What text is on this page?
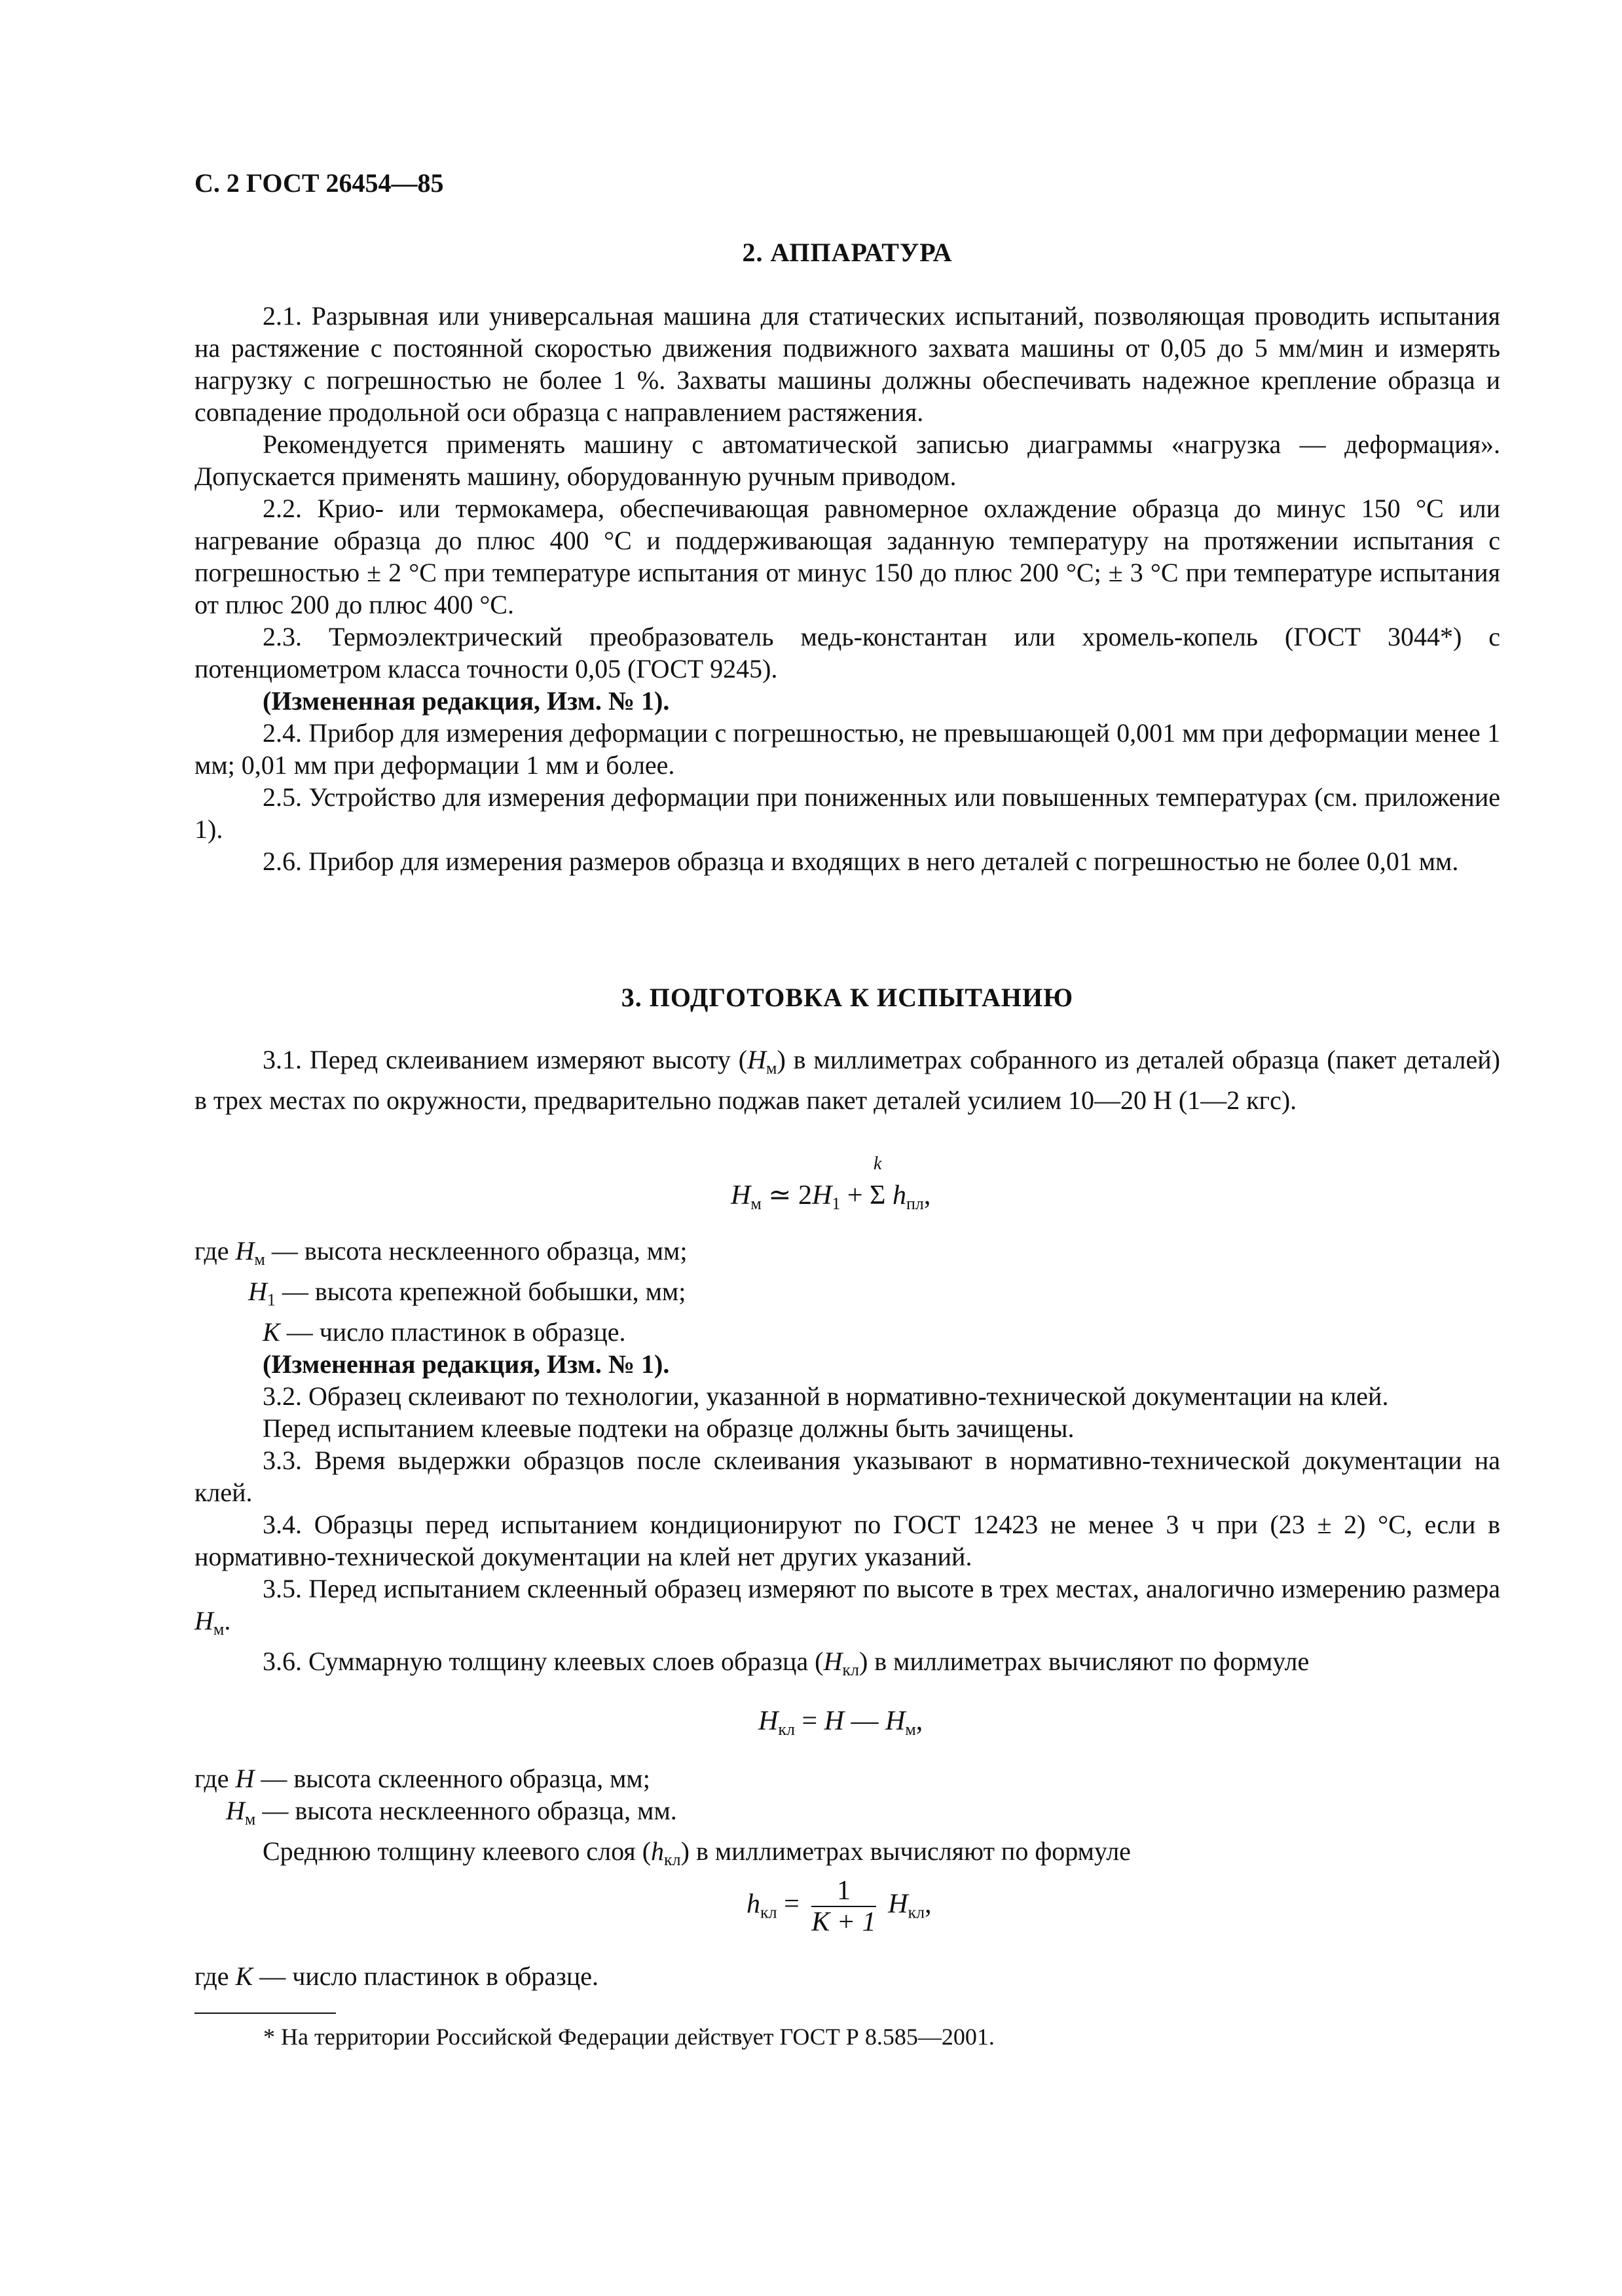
С. 2 ГОСТ 26454—85
2. АППАРАТУРА

2.1. Разрывная или универсальная машина для статических испытаний, позволяющая проводить испытания на растяжение с постоянной скоростью движения подвижного захвата машины от 0,05 до 5 мм/мин и измерять нагрузку с погрешностью не более 1 %. Захваты машины должны обеспечивать надежное крепление образца и совпадение продольной оси образца с направлением растяжения.

Рекомендуется применять машину с автоматической записью диаграммы «нагрузка — деформация». Допускается применять машину, оборудованную ручным приводом.

2.2. Крио- или термокамера, обеспечивающая равномерное охлаждение образца до минус 150 °С или нагревание образца до плюс 400 °С и поддерживающая заданную температуру на протяжении испытания с погрешностью ± 2 °С при температуре испытания от минус 150 до плюс 200 °С; ± 3 °С при температуре испытания от плюс 200 до плюс 400 °С.

2.3. Термоэлектрический преобразователь медь-константан или хромель-копель (ГОСТ 3044*) с потенциометром класса точности 0,05 (ГОСТ 9245).

(Измененная редакция, Изм. № 1).

2.4. Прибор для измерения деформации с погрешностью, не превышающей 0,001 мм при деформации менее 1 мм; 0,01 мм при деформации 1 мм и более.

2.5. Устройство для измерения деформации при пониженных или повышенных температурах (см. приложение 1).

2.6. Прибор для измерения размеров образца и входящих в него деталей с погрешностью не более 0,01 мм.

3. ПОДГОТОВКА К ИСПЫТАНИЮ

3.1. Перед склеиванием измеряют высоту $(H_м)$ в миллиметрах собранного из деталей образца (пакет деталей) в трех местах по окружности, предварительно поджав пакет деталей усилием 10—20 Н (1—2 кгс).

$H_м$ ≃ $2H_1$ +
k
Σ $h_{пл}$,

где $H_м$ — высота несклеенного образца, мм;

$H_1$ — высота крепежной бобышки, мм;

K — число пластинок в образце.

(Измененная редакция, Изм. № 1).

3.2. Образец склеивают по технологии, указанной в нормативно-технической документации на клей.

Перед испытанием клеевые подтеки на образце должны быть зачищены.

3.3. Время выдержки образцов после склеивания указывают в нормативно-технической документации на клей.

3.4. Образцы перед испытанием кондиционируют по ГОСТ 12423 не менее 3 ч при (23 ± 2) °С, если в нормативно-технической документации на клей нет других указаний.

3.5. Перед испытанием склеенный образец измеряют по высоте в трех местах, аналогично измерению размера $H_м$.

3.6. Суммарную толщину клеевых слоев образца $(H_{кл})$ в миллиметрах вычисляют по формуле

$H_{кл} = H$ — $H_м$,

где H — высота склеенного образца, мм;

$H_м$ — высота несклеенного образца, мм.

Среднюю толщину клеевого слоя $(h_{кл})$ в миллиметрах вычисляют по формуле

$h_{кл} = \frac{1}{K + 1} H_{кл}$,

где K — число пластинок в образце.

* На территории Российской Федерации действует ГОСТ Р 8.585—2001.
